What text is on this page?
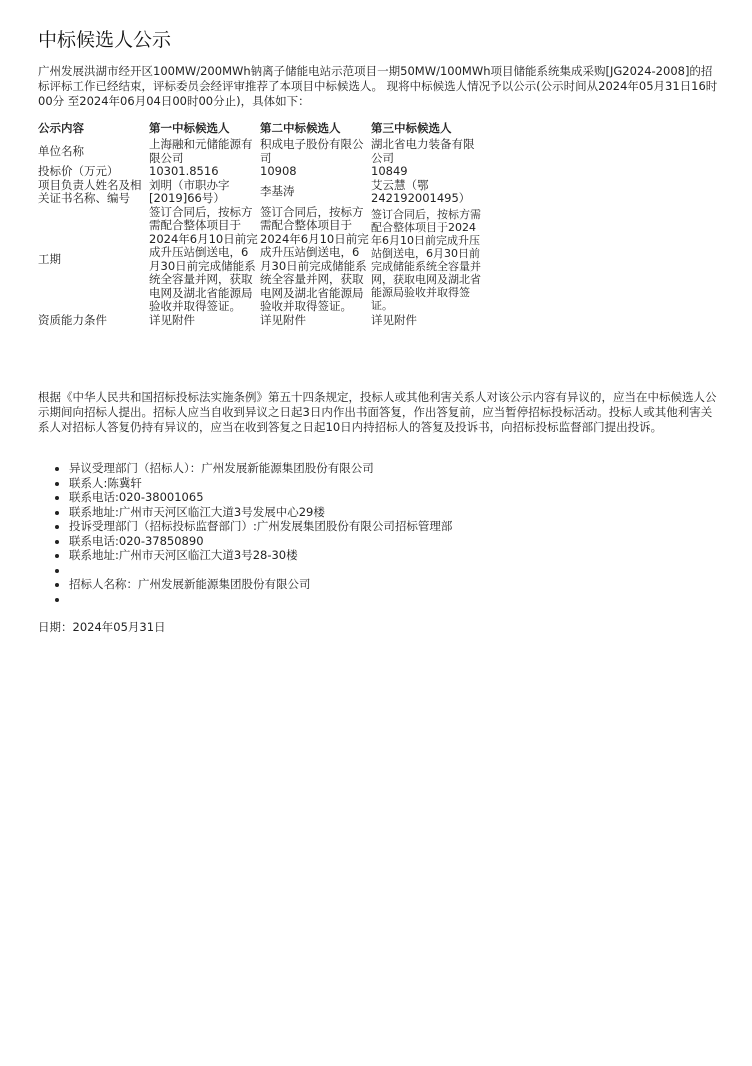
中标候选人公示

广州发展洪湖市经开区100MW/200MWh钠离子储能电站示范项目一期50MW/100MWh项目储能系统集成采购[JG2024-2008]的招标评标工作已经结束，评标委员会经评审推荐了本项目中标候选人。 现将中标候选人情况予以公示(公示时间从2024年05月31日16时00分 至2024年06月04日00时00分止)，具体如下：

公示内容	第一中标候选人	第二中标候选人	第三中标候选人
单位名称	上海融和元储能源有限公司	积成电子股份有限公司	湖北省电力装备有限公司
投标价（万元）	10301.8516	10908	10849
项目负责人姓名及相关证书名称、编号	刘明（市职办字[2019]66号）	李基涛	艾云慧（鄂242192001495）
工期	签订合同后，按标方需配合整体项目于2024年6月10日前完成升压站倒送电，6月30日前完成储能系统全容量并网，获取电网及湖北省能源局验收并取得签证。	签订合同后，按标方需配合整体项目于2024年6月10日前完成升压站倒送电，6月30日前完成储能系统全容量并网，获取电网及湖北省能源局验收并取得签证。	签订合同后，按标方需配合整体项目于2024年6月10日前完成升压站倒送电，6月30日前完成储能系统全容量并网，获取电网及湖北省能源局验收并取得签证。
资质能力条件	详见附件	详见附件	详见附件

根据《中华人民共和国招标投标法实施条例》第五十四条规定，投标人或其他利害关系人对该公示内容有异议的，应当在中标候选人公示期间向招标人提出。招标人应当自收到异议之日起3日内作出书面答复，作出答复前，应当暂停招标投标活动。投标人或其他利害关系人对招标人答复仍持有异议的，应当在收到答复之日起10日内持招标人的答复及投诉书，向招标投标监督部门提出投诉。

• 异议受理部门（招标人）：广州发展新能源集团股份有限公司
• 联系人:陈冀轩
• 联系电话:020-38001065
• 联系地址:广州市天河区临江大道3号发展中心29楼
• 投诉受理部门（招标投标监督部门）:广州发展集团股份有限公司招标管理部
• 联系电话:020-37850890
• 联系地址:广州市天河区临江大道3号28-30楼
•
• 招标人名称：广州发展新能源集团股份有限公司
•

日期：2024年05月31日
